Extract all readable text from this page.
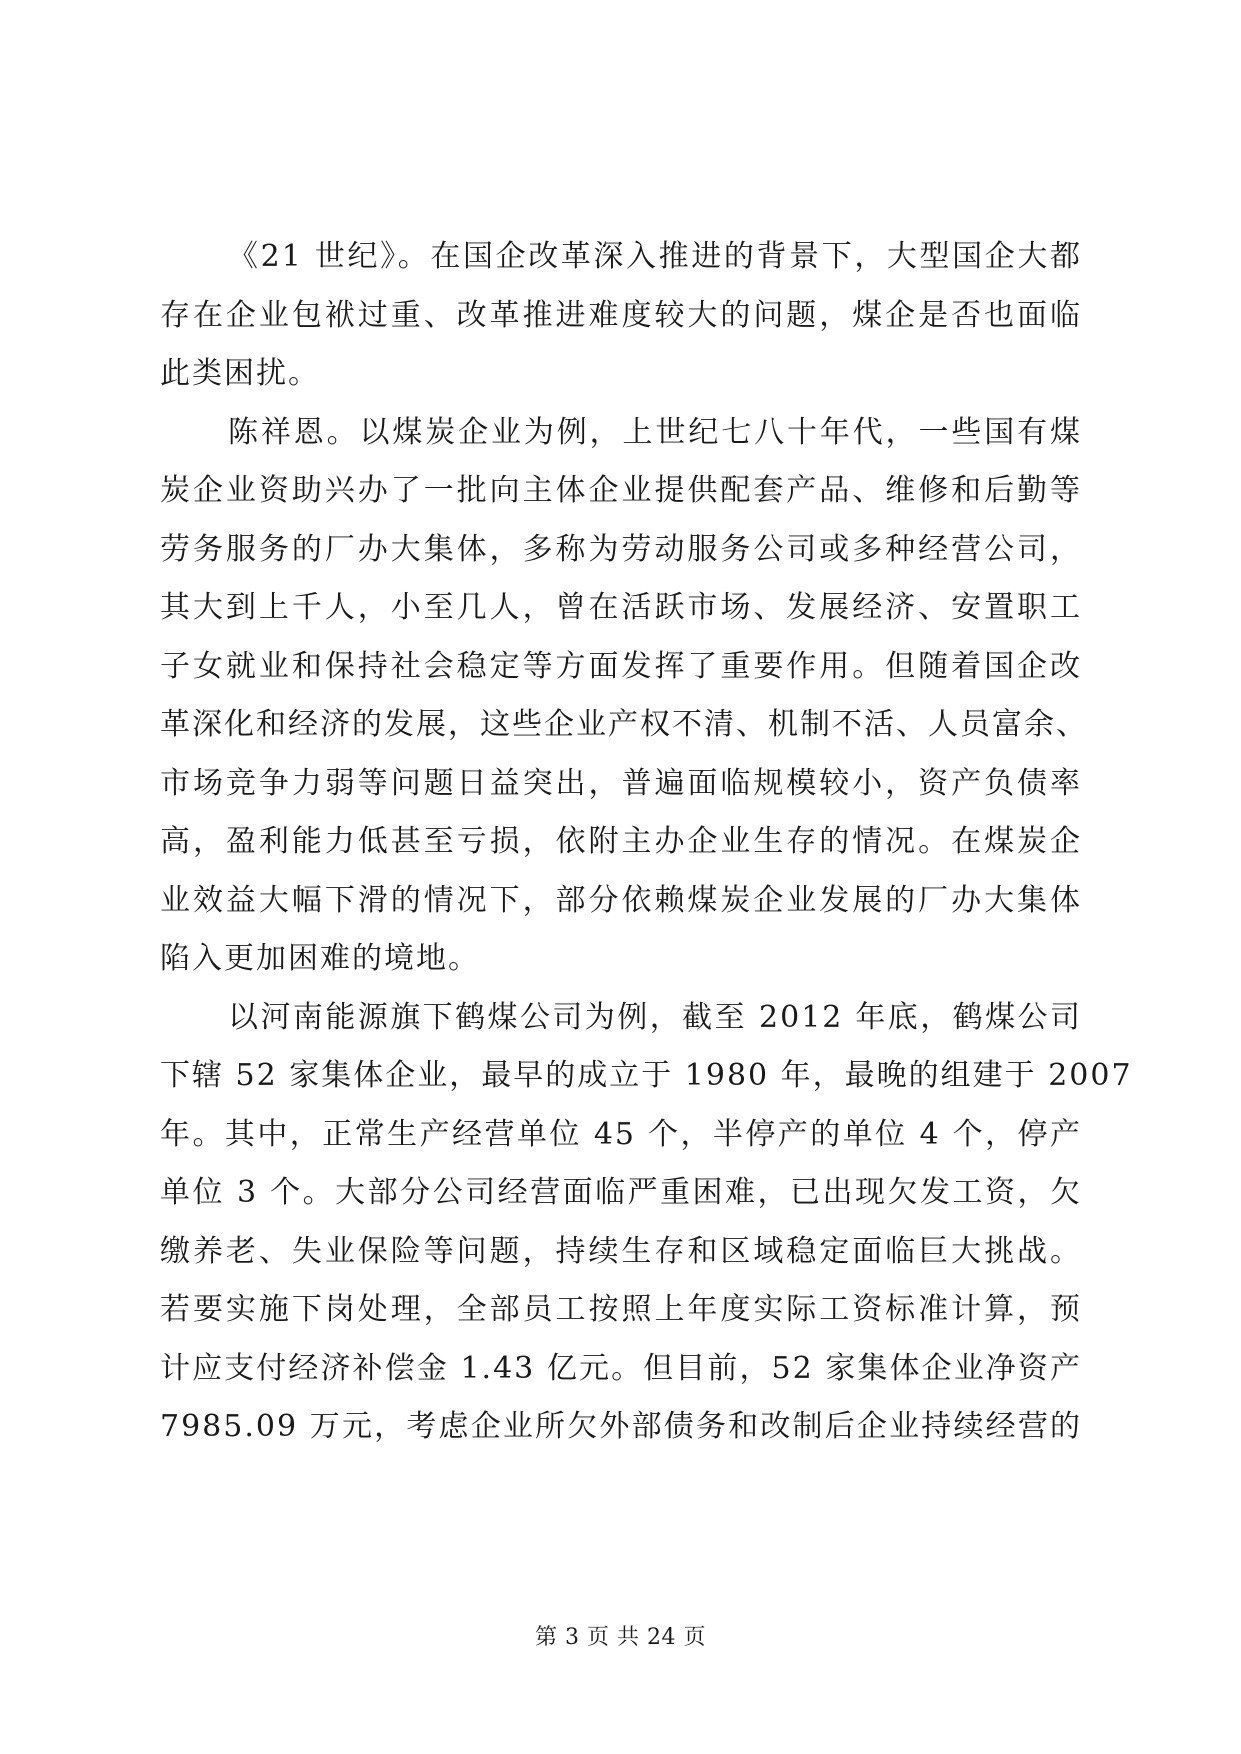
《21 世纪》。在国企改革深入推进的背景下，大型国企大都
存在企业包袱过重、改革推进难度较大的问题，煤企是否也面临
此类困扰。
陈祥恩。以煤炭企业为例，上世纪七八十年代，一些国有煤
炭企业资助兴办了一批向主体企业提供配套产品、维修和后勤等
劳务服务的厂办大集体，多称为劳动服务公司或多种经营公司，
其大到上千人，小至几人，曾在活跃市场、发展经济、安置职工
子女就业和保持社会稳定等方面发挥了重要作用。但随着国企改
革深化和经济的发展，这些企业产权不清、机制不活、人员富余、
市场竞争力弱等问题日益突出，普遍面临规模较小，资产负债率
高，盈利能力低甚至亏损，依附主办企业生存的情况。在煤炭企
业效益大幅下滑的情况下，部分依赖煤炭企业发展的厂办大集体
陷入更加困难的境地。
以河南能源旗下鹤煤公司为例，截至 2012 年底，鹤煤公司
下辖 52 家集体企业，最早的成立于 1980 年，最晚的组建于 2007
年。其中，正常生产经营单位 45 个，半停产的单位 4 个，停产
单位 3 个。大部分公司经营面临严重困难，已出现欠发工资，欠
缴养老、失业保险等问题，持续生存和区域稳定面临巨大挑战。
若要实施下岗处理，全部员工按照上年度实际工资标准计算，预
计应支付经济补偿金 1.43 亿元。但目前，52 家集体企业净资产
7985.09 万元，考虑企业所欠外部债务和改制后企业持续经营的
第 3 页 共 24 页
